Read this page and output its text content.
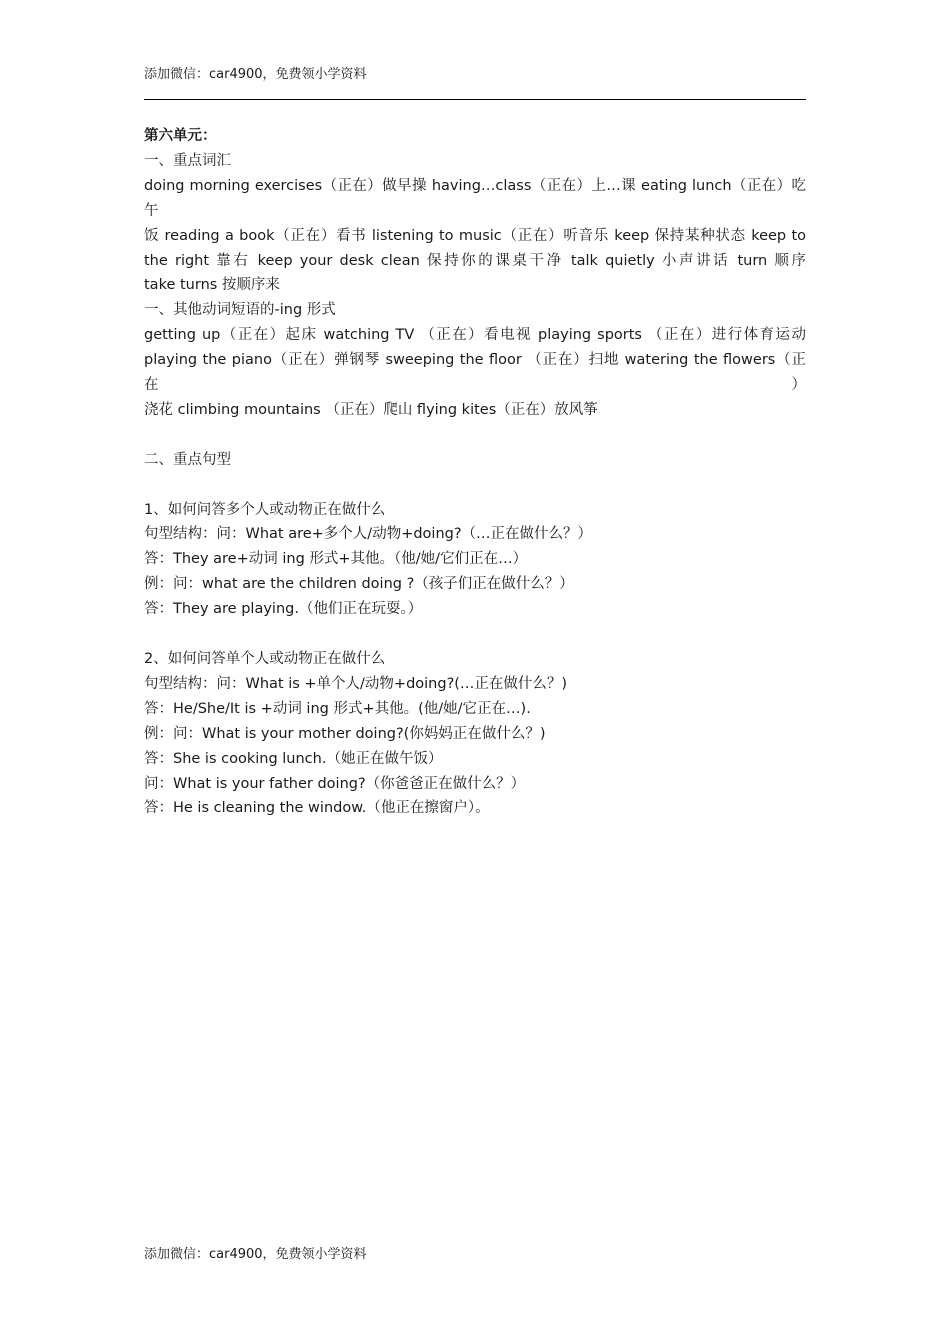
添加微信：car4900，免费领小学资料
第六单元：
一、重点词汇
doing morning exercises（正在）做早操 having…class（正在）上…课 eating lunch（正在）吃午
饭 reading a book（正在）看书 listening to music（正在）听音乐 keep 保持某种状态 keep to
the right 靠右 keep your desk clean 保持你的课桌干净 talk quietly 小声讲话 turn 顺序
take turns 按顺序来
一、其他动词短语的-ing 形式
getting up（正在）起床 watching TV （正在）看电视 playing sports （正在）进行体育运动
playing the piano（正在）弹钢琴 sweeping the floor （正在）扫地 watering the flowers（正在）
浇花 climbing mountains （正在）爬山 flying kites（正在）放风筝
二、重点句型
1、如何问答多个人或动物正在做什么
句型结构：问：What are+多个人/动物+doing?（…正在做什么？）
答：They are+动词 ing 形式+其他。（他/她/它们正在…）
例：问：what are the children doing ?（孩子们正在做什么？）
答：They are playing.（他们正在玩耍。）
2、如何问答单个人或动物正在做什么
句型结构：问：What is +单个人/动物+doing?(…正在做什么？)
答：He/She/It is +动词 ing 形式+其他。(他/她/它正在…).
例：问：What is your mother doing?(你妈妈正在做什么？)
答：She is cooking lunch.（她正在做午饭）
问：What is your father doing?（你爸爸正在做什么？）
答：He is cleaning the window.（他正在擦窗户）。
添加微信：car4900，免费领小学资料
